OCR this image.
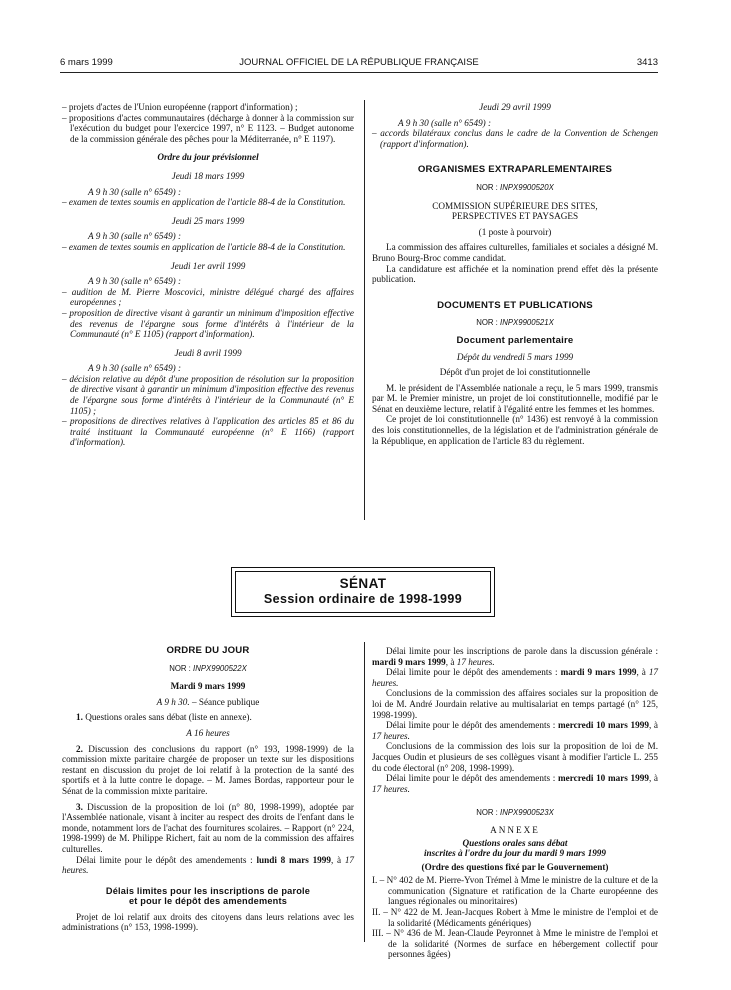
6 mars 1999	JOURNAL OFFICIEL DE LA RÉPUBLIQUE FRANÇAISE	3413

– projets d'actes de l'Union européenne (rapport d'information) ;

– propositions d'actes communautaires (décharge à donner à la commission sur l'exécution du budget pour l'exercice 1997, n° E 1123. – Budget autonome de la commission générale des pêches pour la Méditerranée, n° E 1197).

Ordre du jour prévisionnel

Jeudi 18 mars 1999

A 9 h 30 (salle n° 6549) :

– examen de textes soumis en application de l'article 88-4 de la Constitution.

Jeudi 25 mars 1999

A 9 h 30 (salle n° 6549) :

– examen de textes soumis en application de l'article 88-4 de la Constitution.

Jeudi 1er avril 1999

A 9 h 30 (salle n° 6549) :

– audition de M. Pierre Moscovici, ministre délégué chargé des affaires européennes ;

– proposition de directive visant à garantir un minimum d'imposition effective des revenus de l'épargne sous forme d'intérêts à l'intérieur de la Communauté (n° E 1105) (rapport d'information).

Jeudi 8 avril 1999

A 9 h 30 (salle n° 6549) :

– décision relative au dépôt d'une proposition de résolution sur la proposition de directive visant à garantir un minimum d'imposition effective des revenus de l'épargne sous forme d'intérêts à l'intérieur de la Communauté (n° E 1105) ;

– propositions de directives relatives à l'application des articles 85 et 86 du traité instituant la Communauté européenne (n° E 1166) (rapport d'information).

Jeudi 29 avril 1999

A 9 h 30 (salle n° 6549) :

– accords bilatéraux conclus dans le cadre de la Convention de Schengen (rapport d'information).

ORGANISMES EXTRAPARLEMENTAIRES

NOR : INPX9900520X

COMMISSION SUPÉRIEURE DES SITES,

PERSPECTIVES ET PAYSAGES

(1 poste à pourvoir)

La commission des affaires culturelles, familiales et sociales a désigné M. Bruno Bourg-Broc comme candidat.

La candidature est affichée et la nomination prend effet dès la présente publication.

DOCUMENTS ET PUBLICATIONS

NOR : INPX9900521X

Document parlementaire

Dépôt du vendredi 5 mars 1999

Dépôt d'un projet de loi constitutionnelle

M. le président de l'Assemblée nationale a reçu, le 5 mars 1999, transmis par M. le Premier ministre, un projet de loi constitutionnelle, modifié par le Sénat en deuxième lecture, relatif à l'égalité entre les femmes et les hommes.

Ce projet de loi constitutionnelle (n° 1436) est renvoyé à la commission des lois constitutionnelles, de la législation et de l'administration générale de la République, en application de l'article 83 du règlement.

SÉNAT
Session ordinaire de 1998-1999

ORDRE DU JOUR

NOR : INPX9900522X

Mardi 9 mars 1999

A 9 h 30. – Séance publique

1. Questions orales sans débat (liste en annexe).

A 16 heures

2. Discussion des conclusions du rapport (n° 193, 1998-1999) de la commission mixte paritaire chargée de proposer un texte sur les dispositions restant en discussion du projet de loi relatif à la protection de la santé des sportifs et à la lutte contre le dopage. – M. James Bordas, rapporteur pour le Sénat de la commission mixte paritaire.

3. Discussion de la proposition de loi (n° 80, 1998-1999), adoptée par l'Assemblée nationale, visant à inciter au respect des droits de l'enfant dans le monde, notamment lors de l'achat des fournitures scolaires. – Rapport (n° 224, 1998-1999) de M. Philippe Richert, fait au nom de la commission des affaires culturelles.

Délai limite pour le dépôt des amendements : lundi 8 mars 1999, à 17 heures.

Délais limites pour les inscriptions de parole

et pour le dépôt des amendements

Projet de loi relatif aux droits des citoyens dans leurs relations avec les administrations (n° 153, 1998-1999).

Délai limite pour les inscriptions de parole dans la discussion générale : mardi 9 mars 1999, à 17 heures.

Délai limite pour le dépôt des amendements : mardi 9 mars 1999, à 17 heures.

Conclusions de la commission des affaires sociales sur la proposition de loi de M. André Jourdain relative au multisalariat en temps partagé (n° 125, 1998-1999).

Délai limite pour le dépôt des amendements : mercredi 10 mars 1999, à 17 heures.

Conclusions de la commission des lois sur la proposition de loi de M. Jacques Oudin et plusieurs de ses collègues visant à modifier l'article L. 255 du code électoral (n° 208, 1998-1999).

Délai limite pour le dépôt des amendements : mercredi 10 mars 1999, à 17 heures.

NOR : INPX9900523X

ANNEXE

Questions orales sans débat

inscrites à l'ordre du jour du mardi 9 mars 1999

(Ordre des questions fixé par le Gouvernement)

I. – N° 402 de M. Pierre-Yvon Trémel à Mme le ministre de la culture et de la communication (Signature et ratification de la Charte européenne des langues régionales ou minoritaires)

II. – N° 422 de M. Jean-Jacques Robert à Mme le ministre de l'emploi et de la solidarité (Médicaments génériques)

III. – N° 436 de M. Jean-Claude Peyronnet à Mme le ministre de l'emploi et de la solidarité (Normes de surface en hébergement collectif pour personnes âgées)
